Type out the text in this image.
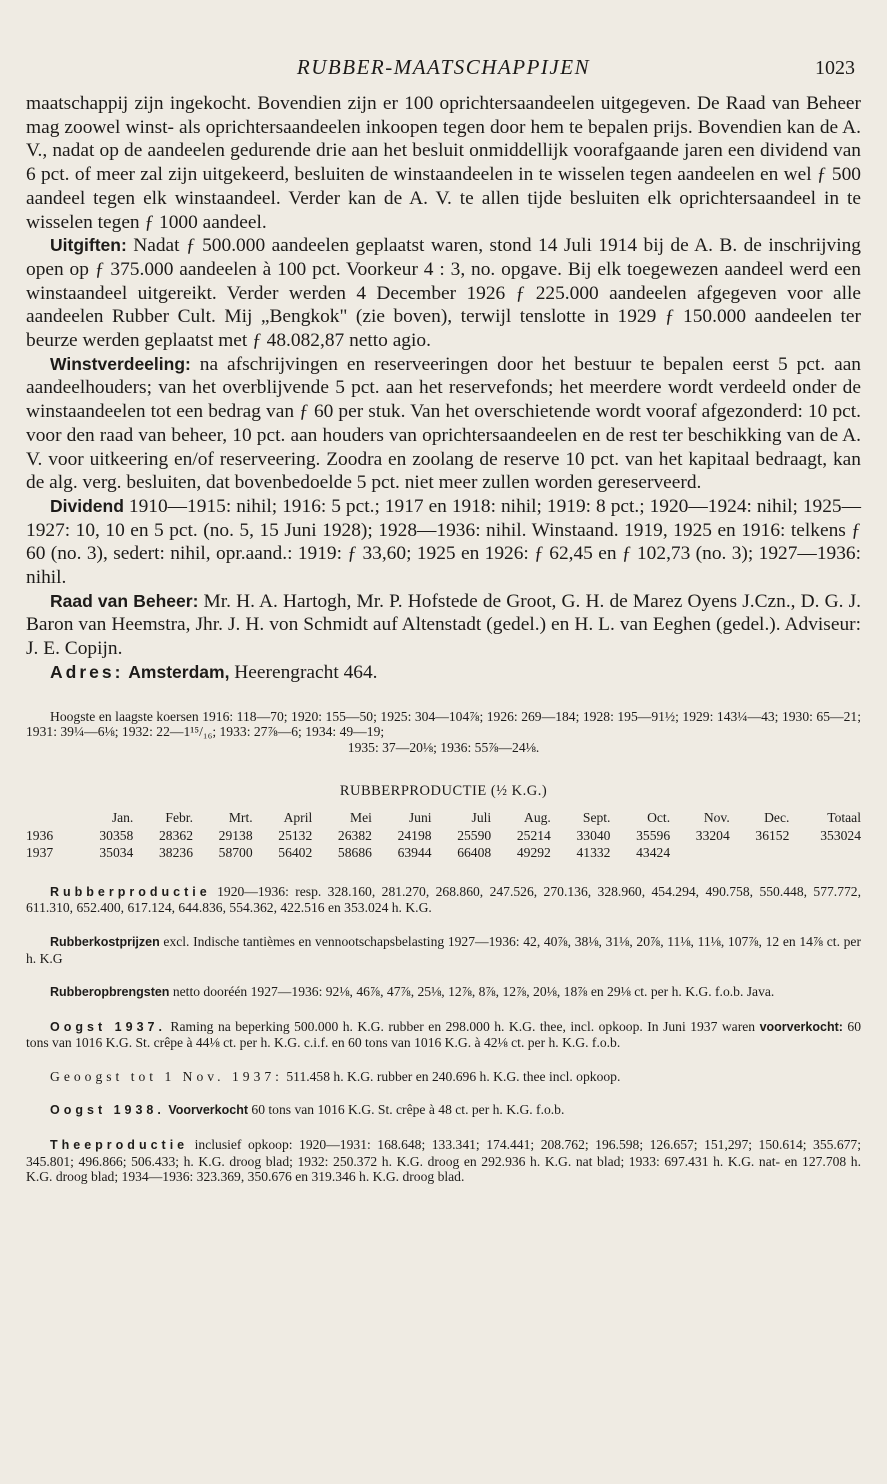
RUBBER-MAATSCHAPPIJEN	1023

maatschappij zijn ingekocht. Bovendien zijn er 100 oprichtersaandeelen uitgegeven. De Raad van Beheer mag zoowel winst- als oprichtersaandeelen inkoopen tegen door hem te bepalen prijs. Bovendien kan de A. V., nadat op de aandeelen gedurende drie aan het besluit onmiddellijk voorafgaande jaren een dividend van 6 pct. of meer zal zijn uitgekeerd, besluiten de winstaandeelen in te wisselen tegen aandeelen en wel ƒ 500 aandeel tegen elk winstaandeel. Verder kan de A. V. te allen tijde besluiten elk oprichtersaandeel in te wisselen tegen ƒ 1000 aandeel.

Uitgiften: Nadat ƒ 500.000 aandeelen geplaatst waren, stond 14 Juli 1914 bij de A. B. de inschrijving open op ƒ 375.000 aandeelen à 100 pct. Voorkeur 4 : 3, no. opgave. Bij elk toegewezen aandeel werd een winstaandeel uitgereikt. Verder werden 4 December 1926 ƒ 225.000 aandeelen afgegeven voor alle aandeelen Rubber Cult. Mij „Bengkok" (zie boven), terwijl tenslotte in 1929 ƒ 150.000 aandeelen ter beurze werden geplaatst met ƒ 48.082,87 netto agio.

Winstverdeeling: na afschrijvingen en reserveeringen door het bestuur te bepalen eerst 5 pct. aan aandeelhouders; van het overblijvende 5 pct. aan het reservefonds; het meerdere wordt verdeeld onder de winstaandeelen tot een bedrag van ƒ 60 per stuk. Van het overschietende wordt vooraf afgezonderd: 10 pct. voor den raad van beheer, 10 pct. aan houders van oprichtersaandeelen en de rest ter beschikking van de A. V. voor uitkeering en/of reserveering. Zoodra en zoolang de reserve 10 pct. van het kapitaal bedraagt, kan de alg. verg. besluiten, dat bovenbedoelde 5 pct. niet meer zullen worden gereserveerd.

Dividend 1910—1915: nihil; 1916: 5 pct.; 1917 en 1918: nihil; 1919: 8 pct.; 1920—1924: nihil; 1925—1927: 10, 10 en 5 pct. (no. 5, 15 Juni 1928); 1928—1936: nihil. Winstaand. 1919, 1925 en 1916: telkens ƒ 60 (no. 3), sedert: nihil, opr.aand.: 1919: ƒ 33,60; 1925 en 1926: ƒ 62,45 en ƒ 102,73 (no. 3); 1927—1936: nihil.

Raad van Beheer: Mr. H. A. Hartogh, Mr. P. Hofstede de Groot, G. H. de Marez Oyens J.Czn., D. G. J. Baron van Heemstra, Jhr. J. H. von Schmidt auf Altenstadt (gedel.) en H. L. van Eeghen (gedel.). Adviseur: J. E. Copijn.

Adres: Amsterdam, Heerengracht 464.

Hoogste en laagste koersen 1916: 118—70; 1920: 155—50; 1925: 304—104⅞; 1926: 269—184; 1928: 195—91½; 1929: 143¼—43; 1930: 65—21; 1931: 39¼—6⅛; 1932: 22—1¹⁵/₁₆; 1933: 27⅞—6; 1934: 49—19;

1935: 37—20⅛; 1936: 55⅞—24⅛.

RUBBERPRODUCTIE (½ K.G.)
	Jan.	Febr.	Mrt.	April	Mei	Juni	Juli	Aug.	Sept.	Oct.	Nov.	Dec.	Totaal
1936	30358	28362	29138	25132	26382	24198	25590	25214	33040	35596	33204	36152	353024
1937	35034	38236	58700	56402	58686	63944	66408	49292	41332	43424			

Rubberproductie 1920—1936: resp. 328.160, 281.270, 268.860, 247.526, 270.136, 328.960, 454.294, 490.758, 550.448, 577.772, 611.310, 652.400, 617.124, 644.836, 554.362, 422.516 en 353.024 h. K.G.

Rubberkostprijzen excl. Indische tantièmes en vennootschapsbelasting 1927—1936: 42, 40⅞, 38⅛, 31⅛, 20⅞, 11⅛, 11⅛, 107⅞, 12 en 14⅞ ct. per h. K.G

Rubberopbrengsten netto dooréén 1927—1936: 92⅛, 46⅞, 47⅞, 25⅛, 12⅞, 8⅞, 12⅞, 20⅛, 18⅞ en 29⅛ ct. per h. K.G. f.o.b. Java.

Oogst 1937. Raming na beperking 500.000 h. K.G. rubber en 298.000 h. K.G. thee, incl. opkoop. In Juni 1937 waren voorverkocht: 60 tons van 1016 K.G. St. crêpe à 44⅛ ct. per h. K.G. c.i.f. en 60 tons van 1016 K.G. à 42⅛ ct. per h. K.G. f.o.b.

Geoogst tot 1 Nov. 1937: 511.458 h. K.G. rubber en 240.696 h. K.G. thee incl. opkoop.

Oogst 1938. Voorverkocht 60 tons van 1016 K.G. St. crêpe à 48 ct. per h. K.G. f.o.b.

Theeproductie inclusief opkoop: 1920—1931: 168.648; 133.341; 174.441; 208.762; 196.598; 126.657; 151,297; 150.614; 355.677; 345.801; 496.866; 506.433; h. K.G. droog blad; 1932: 250.372 h. K.G. droog en 292.936 h. K.G. nat blad; 1933: 697.431 h. K.G. nat- en 127.708 h. K.G. droog blad; 1934—1936: 323.369, 350.676 en 319.346 h. K.G. droog blad.
